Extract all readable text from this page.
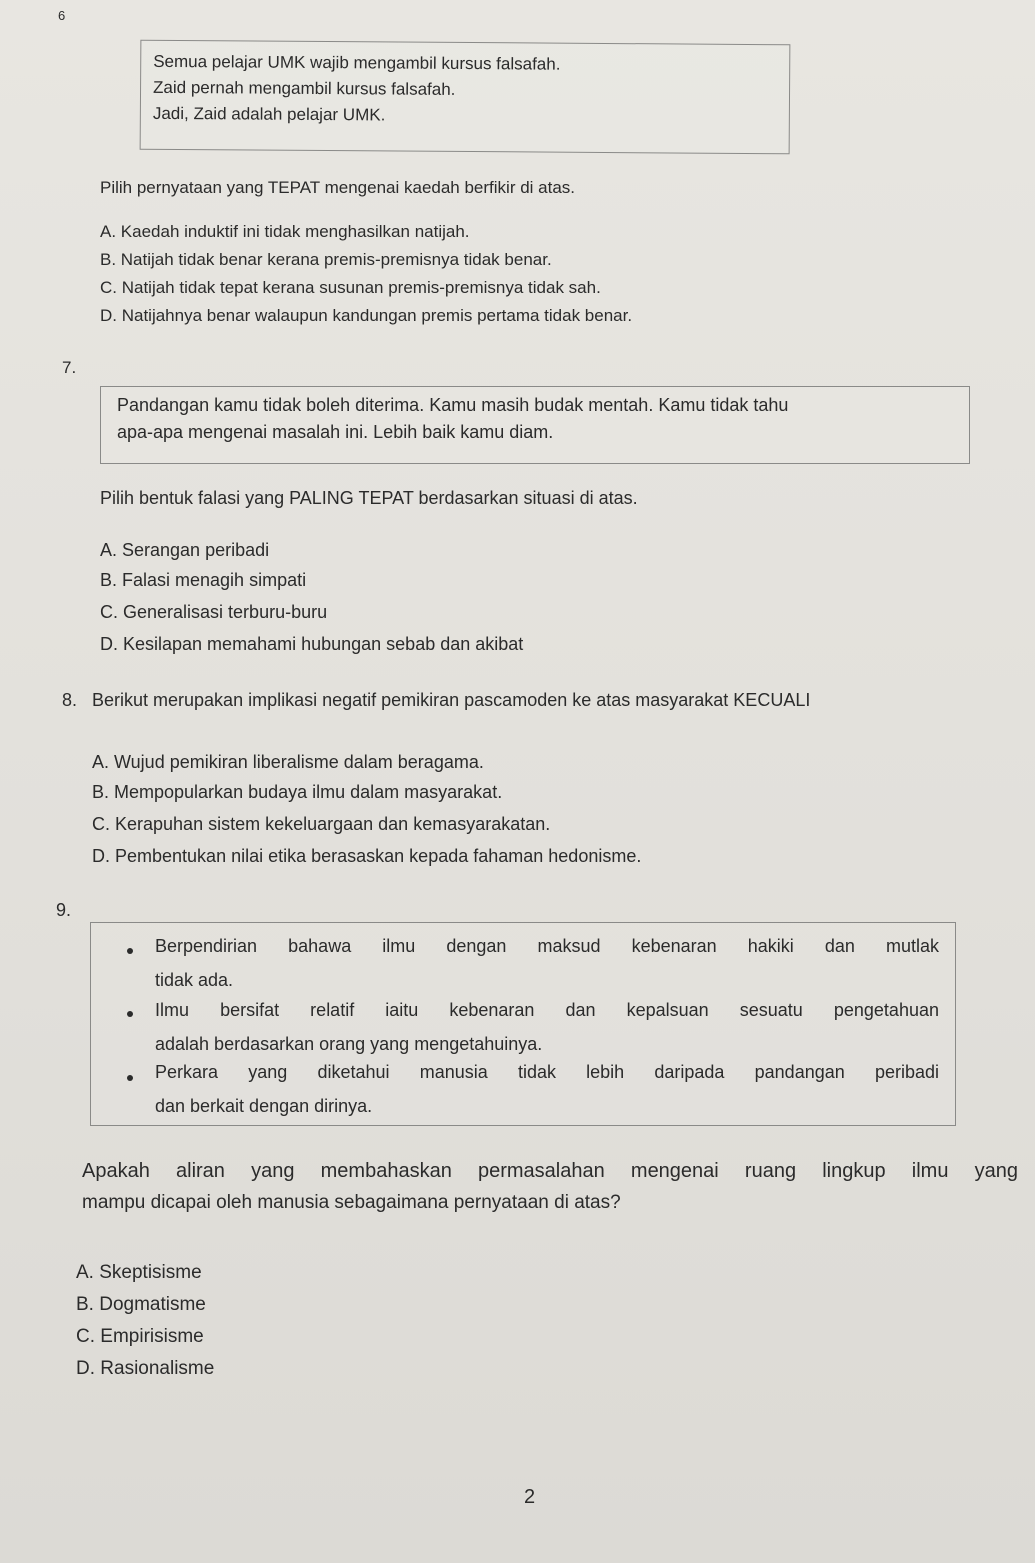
6
Semua pelajar UMK wajib mengambil kursus falsafah.
Zaid pernah mengambil kursus falsafah.
Jadi, Zaid adalah pelajar UMK.
Pilih pernyataan yang TEPAT mengenai kaedah berfikir di atas.
A. Kaedah induktif ini tidak menghasilkan natijah.
B. Natijah tidak benar kerana premis-premisnya tidak benar.
C. Natijah tidak tepat kerana susunan premis-premisnya tidak sah.
D. Natijahnya benar walaupun kandungan premis pertama tidak benar.
7.
Pandangan kamu tidak boleh diterima. Kamu masih budak mentah. Kamu tidak tahu
apa-apa mengenai masalah ini. Lebih baik kamu diam.
Pilih bentuk falasi yang PALING TEPAT berdasarkan situasi di atas.
A. Serangan peribadi
B. Falasi menagih simpati
C. Generalisasi terburu-buru
D. Kesilapan memahami hubungan sebab dan akibat
8. Berikut merupakan implikasi negatif pemikiran pascamoden ke atas masyarakat KECUALI
A. Wujud pemikiran liberalisme dalam beragama.
B. Mempopularkan budaya ilmu dalam masyarakat.
C. Kerapuhan sistem kekeluargaan dan kemasyarakatan.
D. Pembentukan nilai etika berasaskan kepada fahaman hedonisme.
9.
Berpendirian bahawa ilmu dengan maksud kebenaran hakiki dan mutlak
tidak ada.
Ilmu bersifat relatif iaitu kebenaran dan kepalsuan sesuatu pengetahuan
adalah berdasarkan orang yang mengetahuinya.
Perkara yang diketahui manusia tidak lebih daripada pandangan peribadi
dan berkait dengan dirinya.
Apakah aliran yang membahaskan permasalahan mengenai ruang lingkup ilmu yang
mampu dicapai oleh manusia sebagaimana pernyataan di atas?
A. Skeptisisme
B. Dogmatisme
C. Empirisisme
D. Rasionalisme
2
